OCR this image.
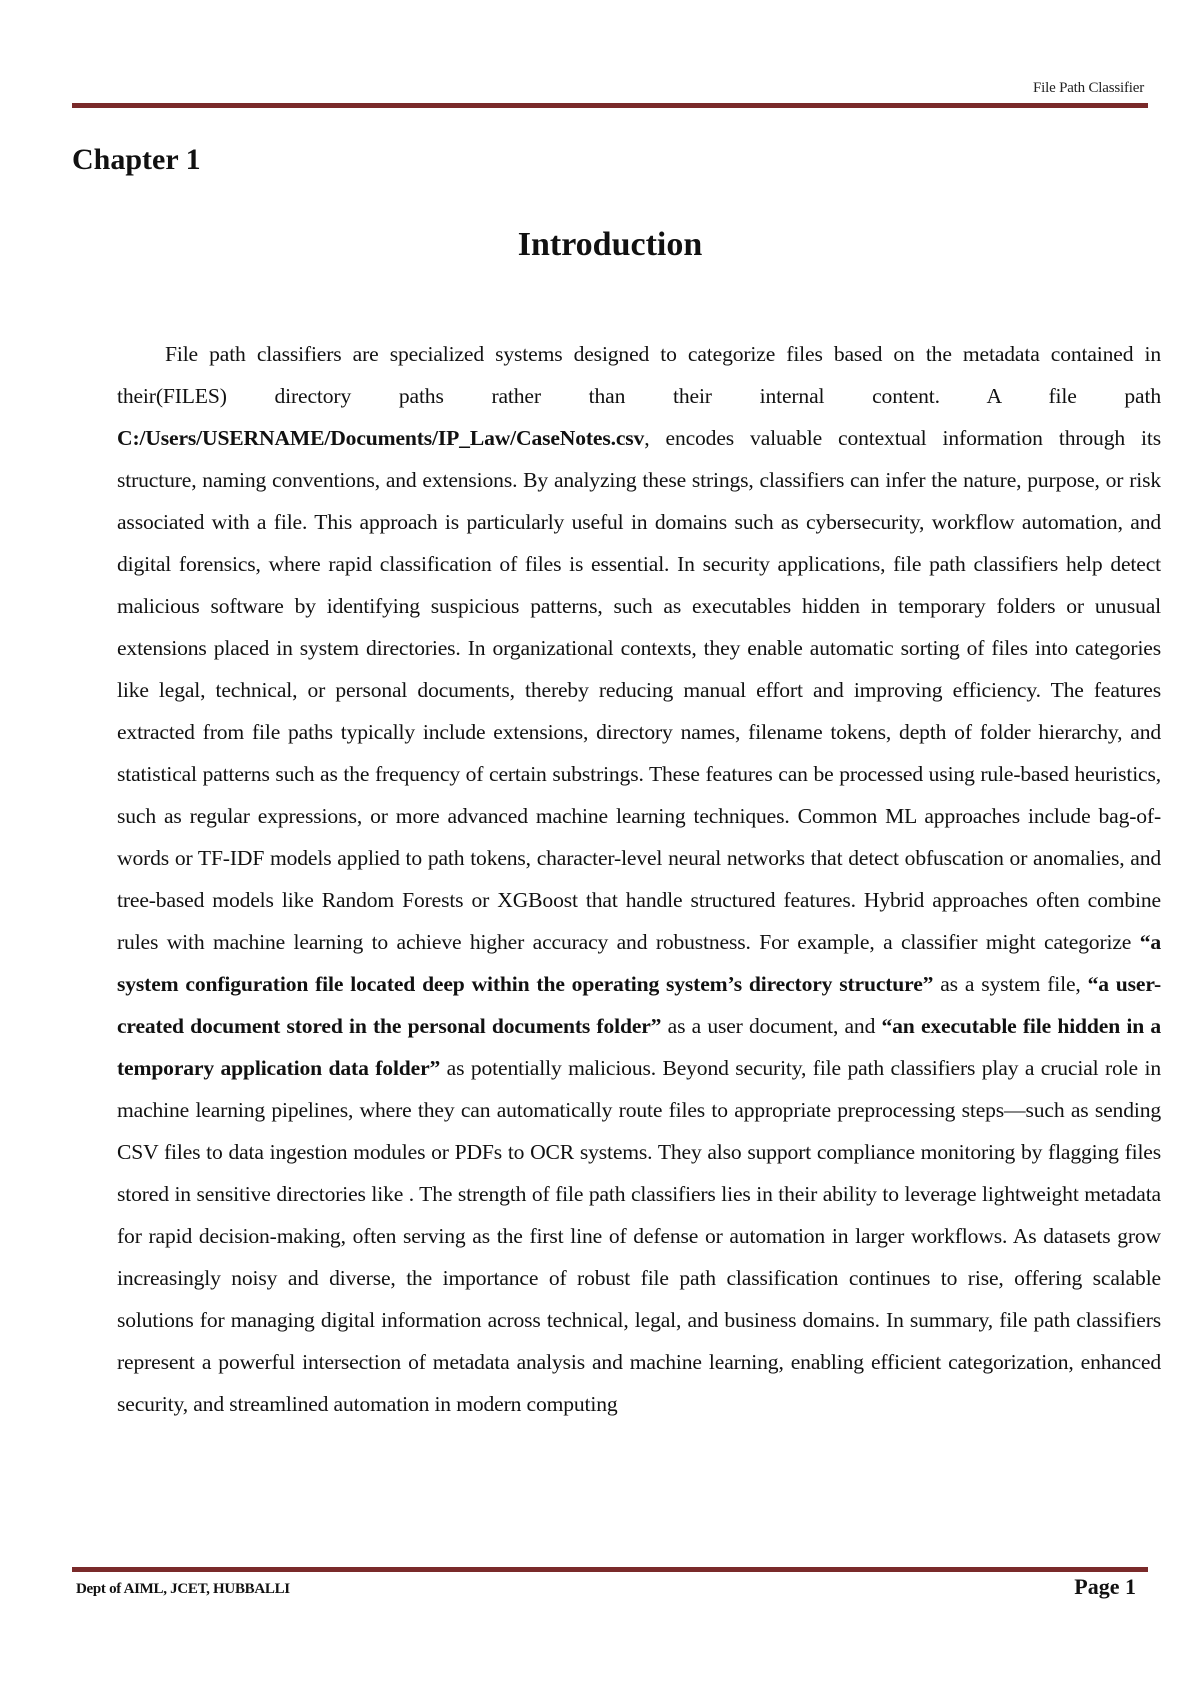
File Path Classifier
Chapter 1
Introduction

File path classifiers are specialized systems designed to categorize files based on the metadata contained in their(FILES) directory paths rather than their internal content. A file path C:/Users/USERNAME/Documents/IP_Law/CaseNotes.csv, encodes valuable contextual information through its structure, naming conventions, and extensions. By analyzing these strings, classifiers can infer the nature, purpose, or risk associated with a file. This approach is particularly useful in domains such as cybersecurity, workflow automation, and digital forensics, where rapid classification of files is essential. In security applications, file path classifiers help detect malicious software by identifying suspicious patterns, such as executables hidden in temporary folders or unusual extensions placed in system directories. In organizational contexts, they enable automatic sorting of files into categories like legal, technical, or personal documents, thereby reducing manual effort and improving efficiency. The features extracted from file paths typically include extensions, directory names, filename tokens, depth of folder hierarchy, and statistical patterns such as the frequency of certain substrings. These features can be processed using rule-based heuristics, such as regular expressions, or more advanced machine learning techniques. Common ML approaches include bag-of-words or TF-IDF models applied to path tokens, character-level neural networks that detect obfuscation or anomalies, and tree-based models like Random Forests or XGBoost that handle structured features. Hybrid approaches often combine rules with machine learning to achieve higher accuracy and robustness. For example, a classifier might categorize “a system configuration file located deep within the operating system’s directory structure” as a system file, “a user-created document stored in the personal documents folder” as a user document, and “an executable file hidden in a temporary application data folder” as potentially malicious. Beyond security, file path classifiers play a crucial role in machine learning pipelines, where they can automatically route files to appropriate preprocessing steps—such as sending CSV files to data ingestion modules or PDFs to OCR systems. They also support compliance monitoring by flagging files stored in sensitive directories like . The strength of file path classifiers lies in their ability to leverage lightweight metadata for rapid decision-making, often serving as the first line of defense or automation in larger workflows. As datasets grow increasingly noisy and diverse, the importance of robust file path classification continues to rise, offering scalable solutions for managing digital information across technical, legal, and business domains. In summary, file path classifiers represent a powerful intersection of metadata analysis and machine learning, enabling efficient categorization, enhanced security, and streamlined automation in modern computing

Dept of AIML, JCET, HUBBALLI	Page 1
